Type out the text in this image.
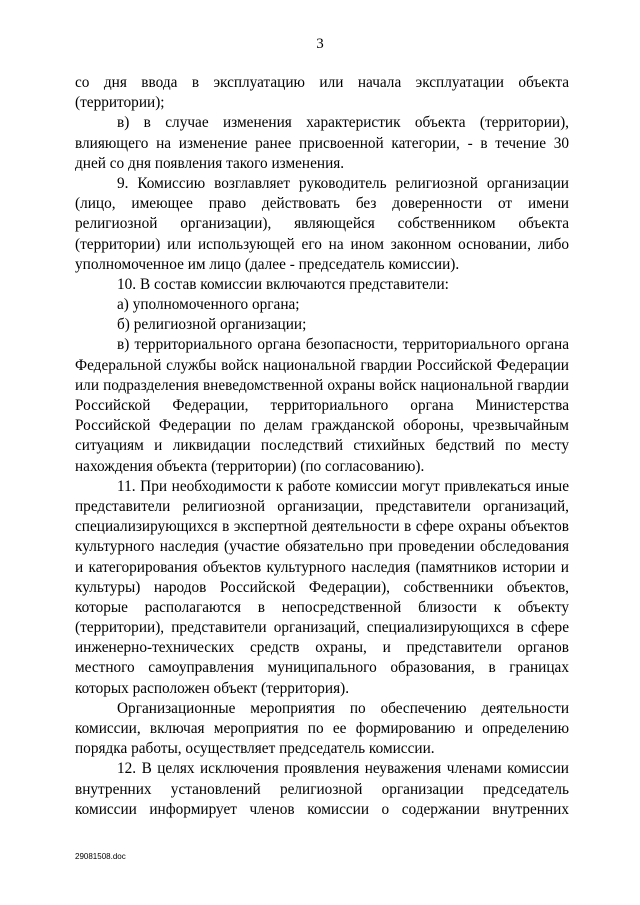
3
со дня ввода в эксплуатацию или начала эксплуатации объекта
(территории);
в) в случае изменения характеристик объекта (территории),
влияющего на изменение ранее присвоенной категории, - в течение 30
дней со дня появления такого изменения.
9. Комиссию возглавляет руководитель религиозной организации
(лицо, имеющее право действовать без доверенности от имени
религиозной организации), являющейся собственником объекта
(территории) или использующей его на ином законном основании, либо
уполномоченное им лицо (далее - председатель комиссии).
10. В состав комиссии включаются представители:
а) уполномоченного органа;
б) религиозной организации;
в) территориального органа безопасности, территориального органа
Федеральной службы войск национальной гвардии Российской Федерации
или подразделения вневедомственной охраны войск национальной гвардии
Российской Федерации, территориального органа Министерства
Российской Федерации по делам гражданской обороны, чрезвычайным
ситуациям и ликвидации последствий стихийных бедствий по месту
нахождения объекта (территории) (по согласованию).
11. При необходимости к работе комиссии могут привлекаться иные
представители религиозной организации, представители организаций,
специализирующихся в экспертной деятельности в сфере охраны объектов
культурного наследия (участие обязательно при проведении обследования
и категорирования объектов культурного наследия (памятников истории и
культуры) народов Российской Федерации), собственники объектов,
которые располагаются в непосредственной близости к объекту
(территории), представители организаций, специализирующихся в сфере
инженерно-технических средств охраны, и представители органов
местного самоуправления муниципального образования, в границах
которых расположен объект (территория).
Организационные мероприятия по обеспечению деятельности
комиссии, включая мероприятия по ее формированию и определению
порядка работы, осуществляет председатель комиссии.
12. В целях исключения проявления неуважения членами комиссии
внутренних установлений религиозной организации председатель
комиссии информирует членов комиссии о содержании внутренних
29081508.doc
